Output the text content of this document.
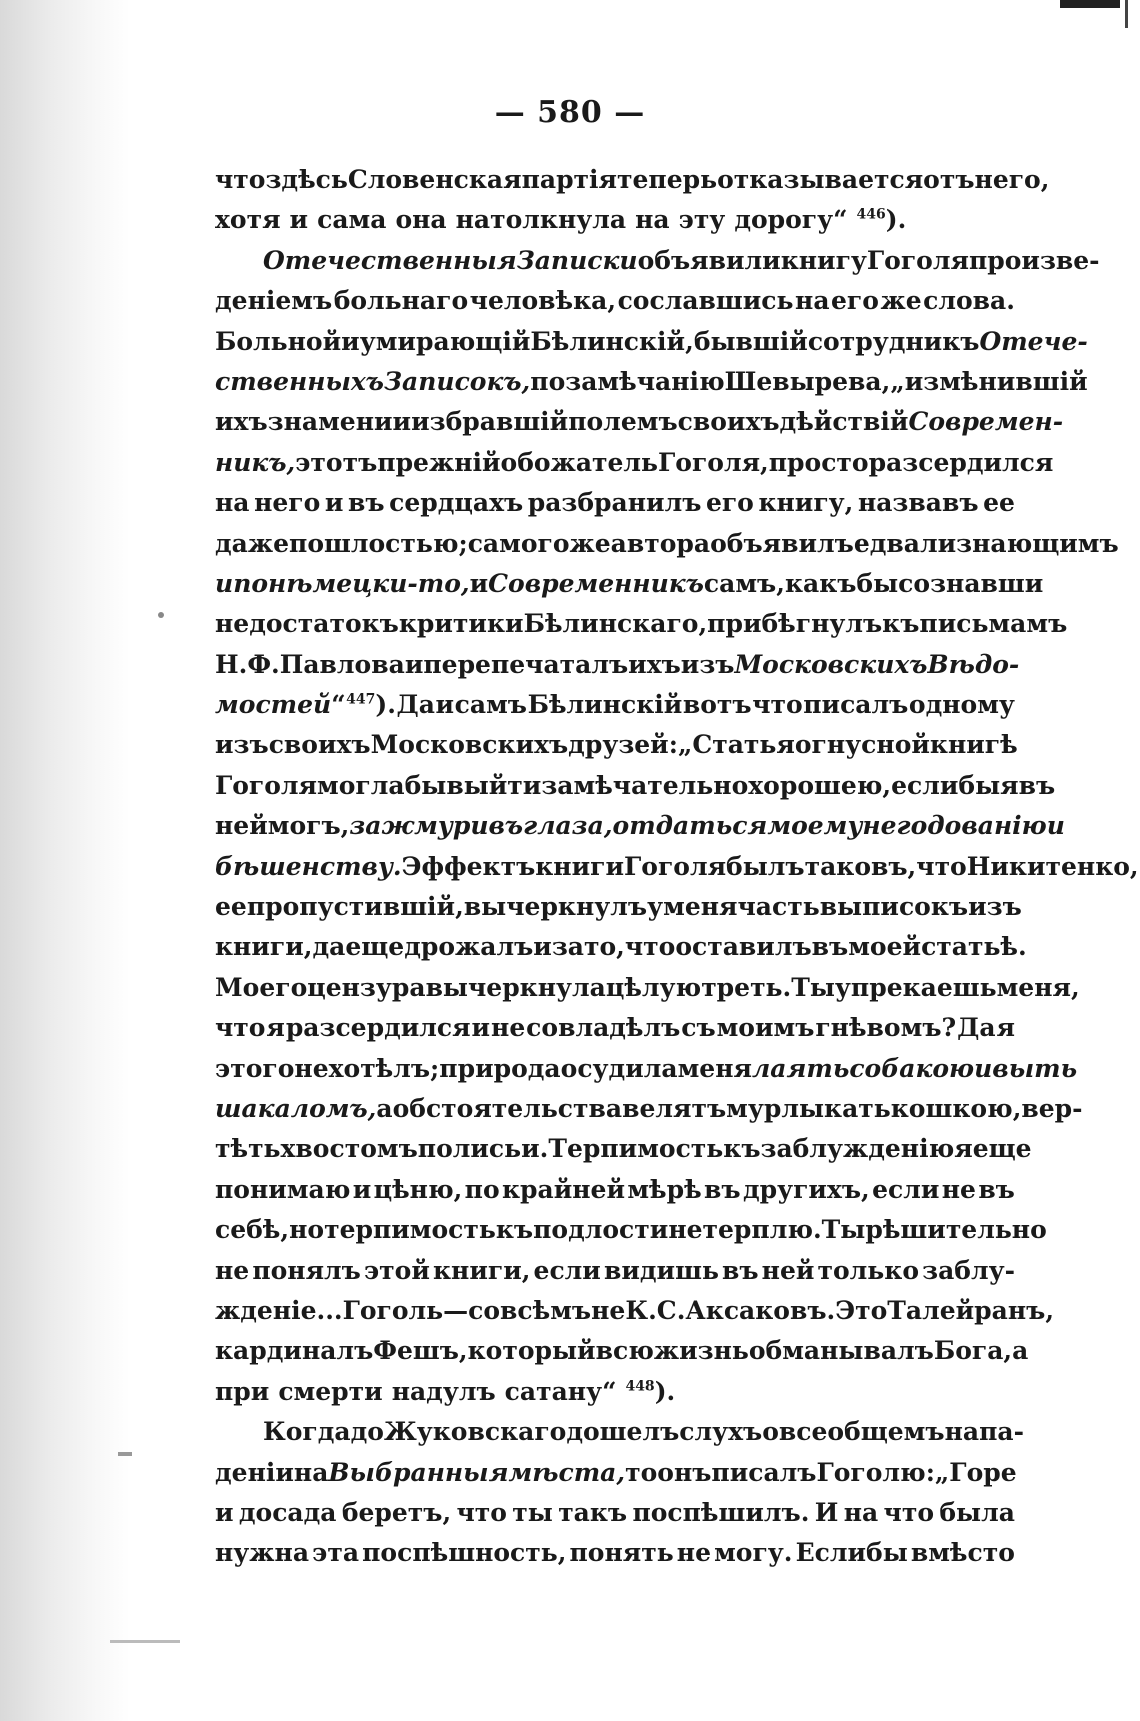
— 580 —
что здѣсь Словенская партія теперь отказывается отъ него,
хотя и сама она натолкнула на эту дорогу“ $^{446}$).
Отечественныя Записки объявили книгу Гоголя произве-
деніемъ больнаго человѣка, сославшись на его же слова.
Больной и умирающій Бѣлинскій, бывшій сотрудникъ Отече-
ственныхъ Записокъ, по замѣчанію Шевырева, „измѣнившій
ихъ знамени и избравшій полемъ своихъ дѣйствій Современ-
никъ, этотъ прежній обожатель Гоголя, просто разсердился
на него и въ сердцахъ разбранилъ его книгу, назвавъ ее
даже пошлостью; самого же автора объявилъ едва ли знающимъ
и по нѣмецки-то, и Современникъ самъ, какъ бы сознавши
недостатокъ критики Бѣлинскаго, прибѣгнулъ къ письмамъ
Н. Ф. Павлова и перепечаталъ ихъ изъ Московскихъ Вѣдо-
мостей“ $^{447}$). Да и самъ Бѣлинскій вотъ что писалъ одному
изъ своихъ Московскихъ друзей: „Статья о гнусной книгѣ
Гоголя могла бы выйти замѣчательно хорошею, еслибы я въ
ней могъ, зажмуривъ глаза, отдаться моему негодованію и
бѣшенству. Эффектъ книги Гоголя былъ таковъ, что Никитенко,
ее пропустившій, вычеркнулъ у меня часть выписокъ изъ
книги, да еще дрожалъ и за то, что оставилъ въ моей статьѣ.
Моего цензура вычеркнула цѣлую треть. Ты упрекаешь меня,
что я разсердился и не совладѣлъ съ моимъ гнѣвомъ? Да я
этого не хотѣлъ; природа осудила меня лаять собакою и выть
шакаломъ, а обстоятельства велятъ мурлыкать кошкою, вер-
тѣть хвостомъ по лисьи. Терпимость къ заблужденію я еще
понимаю и цѣню, по крайней мѣрѣ въ другихъ, если не въ
себѣ, но терпимость къ подлости не терплю. Ты рѣшительно
не понялъ этой книги, если видишь въ ней только заблу-
жденіе... Гоголь—совсѣмъ не К. С. Аксаковъ. Это Талейранъ,
кардиналъ Фешъ, который всю жизнь обманывалъ Бога, а
при смерти надулъ сатану“ $^{448}$).
Когда до Жуковскаго дошелъ слухъ о всеобщемъ напа-
деніи на Выбранныя мѣста, то онъ писалъ Гоголю: „Горе
и досада беретъ, что ты такъ поспѣшилъ. И на что была
нужна эта поспѣшность, понять не могу. Еслибы вмѣсто
